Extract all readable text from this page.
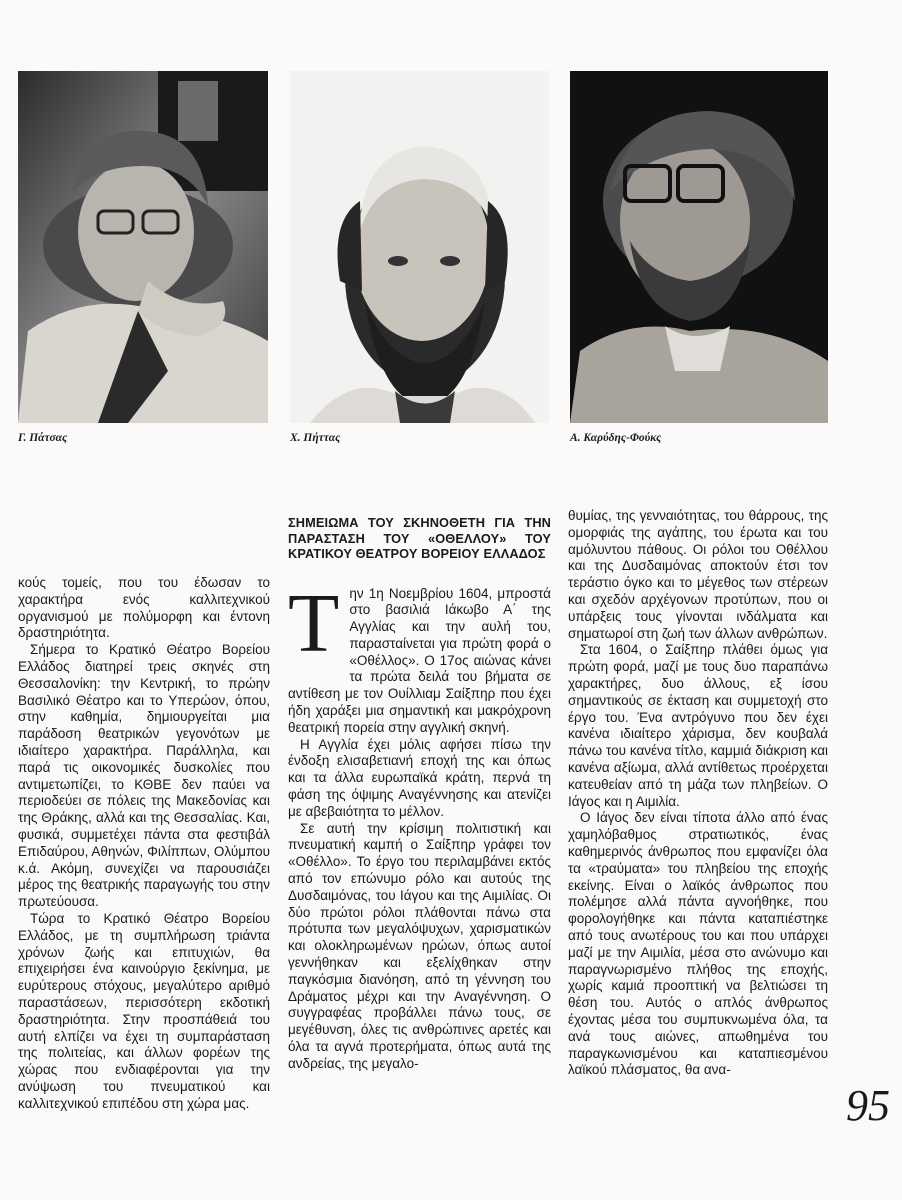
Γ. Πάτσας	Χ. Πήττας	Α. Καρύδης-Φούκς

κούς τομείς, που του έδωσαν το χαρακτήρα ενός καλλιτεχνικού οργανισμού με πολύμορφη και έντονη δραστηριότητα.

Σήμερα το Κρατικό Θέατρο Βορείου Ελλάδος διατηρεί τρεις σκηνές στη Θεσσαλονίκη: την Κεντρική, το πρώην Βασιλικό Θέατρο και το Υπερώον, όπου, στην καθημία, δημιουργείται μια παράδοση θεατρικών γεγονότων με ιδιαίτερο χαρακτήρα. Παράλληλα, και παρά τις οικονομικές δυσκολίες που αντιμετωπίζει, το ΚΘΒΕ δεν παύει να περιοδεύει σε πόλεις της Μακεδονίας και της Θράκης, αλλά και της Θεσσαλίας. Και, φυσικά, συμμετέχει πάντα στα φεστιβάλ Επιδαύρου, Αθηνών, Φιλίππων, Ολύμπου κ.ά. Ακόμη, συνεχίζει να παρουσιάζει μέρος της θεατρικής παραγωγής του στην πρωτεύουσα.

Τώρα το Κρατικό Θέατρο Βορείου Ελλάδος, με τη συμπλήρωση τριάντα χρόνων ζωής και επιτυχιών, θα επιχειρήσει ένα καινούργιο ξεκίνημα, με ευρύτερους στόχους, μεγαλύτερο αριθμό παραστάσεων, περισσότερη εκδοτική δραστηριότητα. Στην προσπάθειά του αυτή ελπίζει να έχει τη συμπαράσταση της πολιτείας, και άλλων φορέων της χώρας που ενδιαφέρονται για την ανύψωση του πνευματικού και καλλιτεχνικού επιπέδου στη χώρα μας.

ΣΗΜΕΙΩΜΑ ΤΟΥ ΣΚΗΝΟΘΕΤΗ ΓΙΑ ΤΗΝ ΠΑΡΑΣΤΑΣΗ ΤΟΥ «ΟΘΕΛΛΟΥ» ΤΟΥ ΚΡΑΤΙΚΟΥ ΘΕΑΤΡΟΥ ΒΟΡΕΙΟΥ ΕΛΛΑΔΟΣ
Τ ην 1η Νοεμβρίου 1604, μπροστά στο βασιλιά Ιάκωβο Α΄ της Αγγλίας και την αυλή του, παρασταίνεται για πρώτη φορά ο «Οθέλλος». Ο 17ος αιώνας κάνει τα πρώτα δειλά του βήματα σε αντίθεση με τον Ουίλλιαμ Σαίξπηρ που έχει ήδη χαράξει μια σημαντική και μακρόχρονη θεατρική πορεία στην αγγλική σκηνή.

Η Αγγλία έχει μόλις αφήσει πίσω την ένδοξη ελισαβετιανή εποχή της και όπως και τα άλλα ευρωπαϊκά κράτη, περνά τη φάση της όψιμης Αναγέννησης και ατενίζει με αβεβαιότητα το μέλλον.

Σε αυτή την κρίσιμη πολιτιστική και πνευματική καμπή ο Σαίξπηρ γράφει τον «Οθέλλο». Το έργο του περιλαμβάνει εκτός από τον επώνυμο ρόλο και αυτούς της Δυσδαιμόνας, του Ιάγου και της Αιμιλίας. Οι δύο πρώτοι ρόλοι πλάθονται πάνω στα πρότυπα των μεγαλόψυχων, χαρισματικών και ολοκληρωμένων ηρώων, όπως αυτοί γεννήθηκαν και εξελίχθηκαν στην παγκόσμια διανόηση, από τη γέννηση του Δράματος μέχρι και την Αναγέννηση. Ο συγγραφέας προβάλλει πάνω τους, σε μεγέθυνση, όλες τις ανθρώπινες αρετές και όλα τα αγνά προτερήματα, όπως αυτά της ανδρείας, της μεγαλο-

θυμίας, της γενναιότητας, του θάρρους, της ομορφιάς της αγάπης, του έρωτα και του αμόλυντου πάθους. Οι ρόλοι του Οθέλλου και της Δυσδαιμόνας αποκτούν έτσι τον τεράστιο όγκο και το μέγεθος των στέρεων και σχεδόν αρχέγονων προτύπων, που οι υπάρξεις τους γίνονται ινδάλματα και σηματωροί στη ζωή των άλλων ανθρώπων.

Στα 1604, ο Σαίξπηρ πλάθει όμως για πρώτη φορά, μαζί με τους δυο παραπάνω χαρακτήρες, δυο άλλους, εξ ίσου σημαντικούς σε έκταση και συμμετοχή στο έργο του. Ένα αντρόγυνο που δεν έχει κανένα ιδιαίτερο χάρισμα, δεν κουβαλά πάνω του κανένα τίτλο, καμμιά διάκριση και κανένα αξίωμα, αλλά αντίθετως προέρχεται κατευθείαν από τη μάζα των πληβείων. Ο Ιάγος και η Αιμιλία.

Ο Ιάγος δεν είναι τίποτα άλλο από ένας χαμηλόβαθμος στρατιωτικός, ένας καθημερινός άνθρωπος που εμφανίζει όλα τα «τραύματα» του πληβείου της εποχής εκείνης. Είναι ο λαϊκός άνθρωπος που πολέμησε αλλά πάντα αγνοήθηκε, που φορολογήθηκε και πάντα καταπιέστηκε από τους ανωτέρους του και που υπάρχει μαζί με την Αιμιλία, μέσα στο ανώνυμο και παραγνωρισμένο πλήθος της εποχής, χωρίς καμιά προοπτική να βελτιώσει τη θέση του. Αυτός ο απλός άνθρωπος έχοντας μέσα του συμπυκνωμένα όλα, τα ανά τους αιώνες, απωθημένα του παραγκωνισμένου και καταπιεσμένου λαϊκού πλάσματος, θα ανα-

95
